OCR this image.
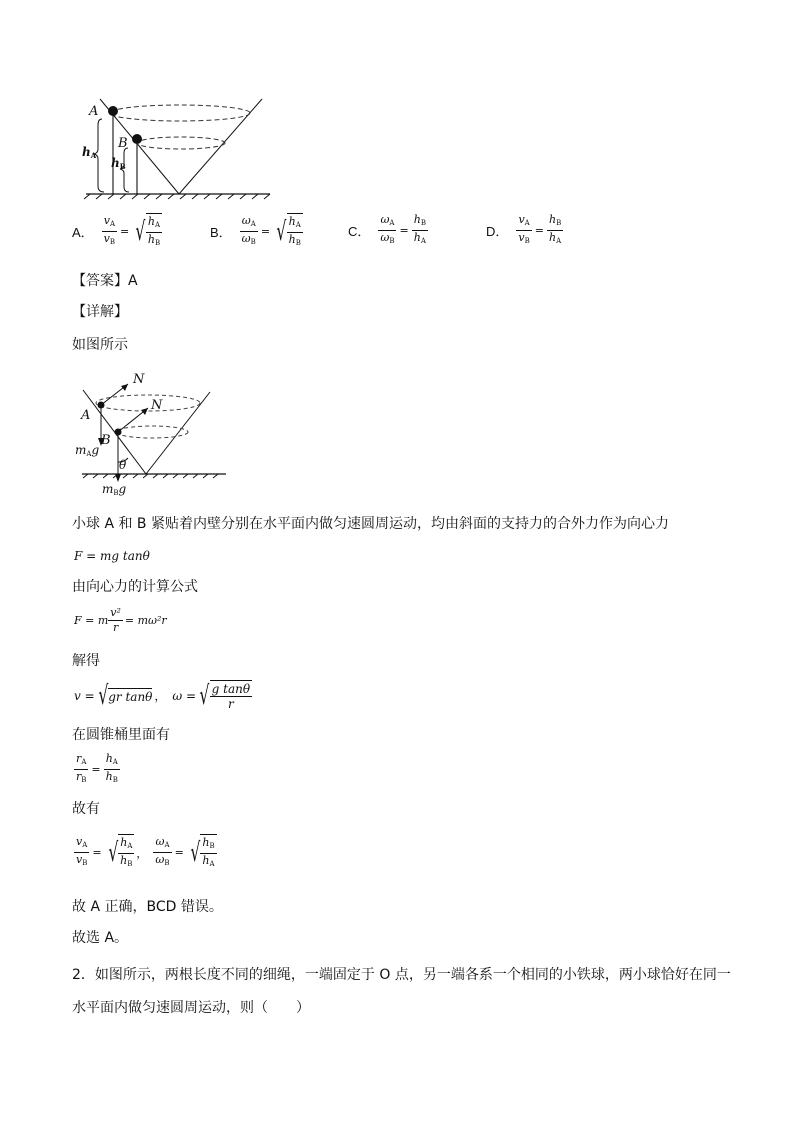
A
B
$h_A$
$h_B$
A． $\frac{v_A}{v_B}$ = √ $\frac{h_A}{h_B}$	B． $\frac{\omega_A}{\omega_B}$ = √ $\frac{h_A}{h_B}$	C． $\frac{\omega_A}{\omega_B} = \frac{h_B}{h_A}$	D． $\frac{v_A}{v_B} = \frac{h_B}{h_A}$
【答案】A
【详解】
如图所示
N
N
A
B
$m_Ag$
θ
$m_Bg$
小球 A 和 B 紧贴着内壁分别在水平面内做匀速圆周运动，均由斜面的支持力的合外力作为向心力
F = mg tanθ
由向心力的计算公式
F = m $\frac{\text{v²}}{r} = m\omega^2r$
解得
v = √ gr tanθ ， ω = √ $\frac{\text{g tanθ}}{r}$
在圆锥桶里面有
$\frac{r_A}{r_B} = \frac{h_A}{h_B}$
故有
$\frac{v_A}{v_B}$ = √ $\frac{h_A}{h_B}$ ， $\frac{\omega_A}{\omega_B}$ = √ $\frac{h_B}{h_A}$
故 A 正确，BCD 错误。
故选 A。
2．如图所示，两根长度不同的细绳，一端固定于 O 点，另一端各系一个相同的小铁球，两小球恰好在同一
水平面内做匀速圆周运动，则（　　）
